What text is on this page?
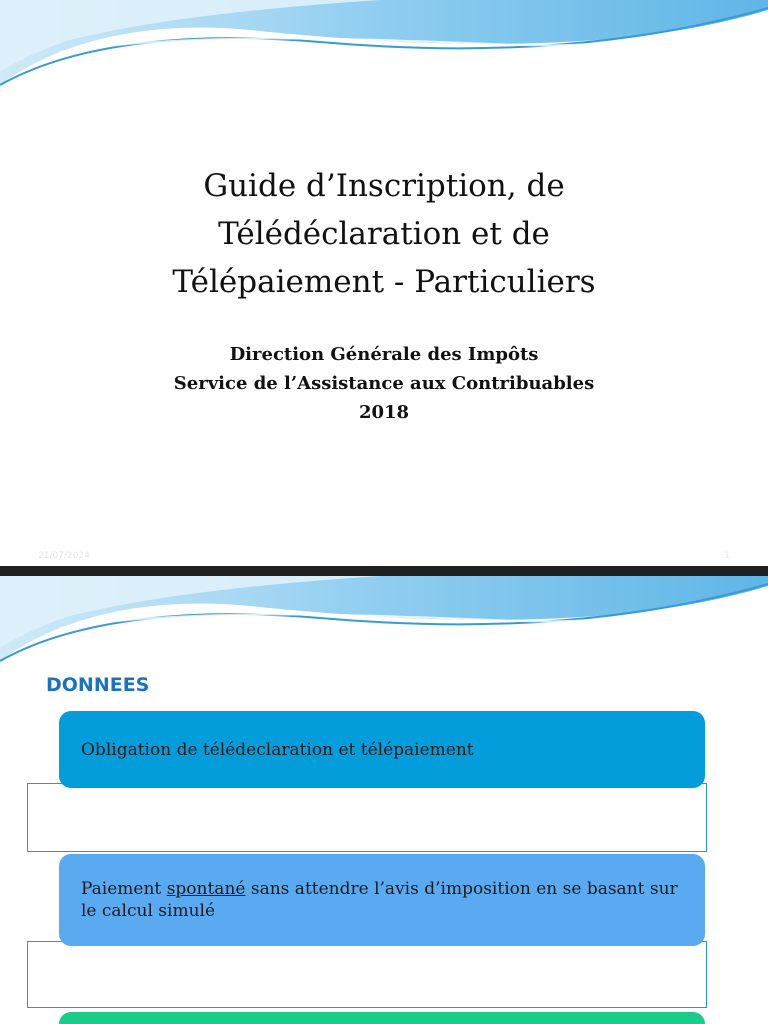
Guide d’Inscription, de
Télédéclaration et de
Télépaiement - Particuliers
Direction Générale des Impôts
Service de l’Assistance aux Contribuables
2018
21/07/2024	1
DONNEES
Obligation de télédeclaration et télépaiement
Paiement spontané sans attendre l’avis d’imposition en se basant sur le calcul simulé
